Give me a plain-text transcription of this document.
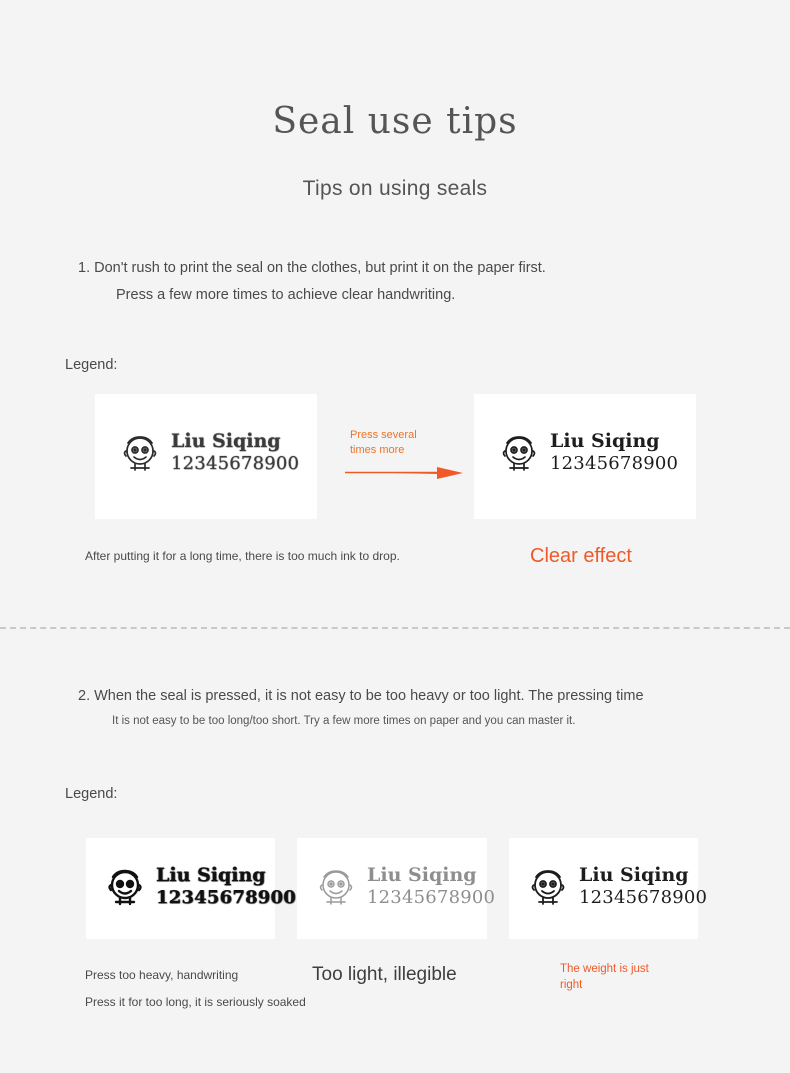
Seal use tips
Tips on using seals
1. Don't rush to print the seal on the clothes, but print it on the paper first.
Press a few more times to achieve clear handwriting.
Legend:
Liu Siqing
12345678900
Press several times more	Liu Siqing
12345678900
After putting it for a long time, there is too much ink to drop.	Clear effect
2. When the seal is pressed, it is not easy to be too heavy or too light. The pressing time
It is not easy to be too long/too short. Try a few more times on paper and you can master it.
Legend:
Liu Siqing
12345678900
Liu Siqing
12345678900
Liu Siqing
12345678900
Press too heavy, handwriting
Press it for too long, it is seriously soaked
Too light, illegible	The weight is just right
